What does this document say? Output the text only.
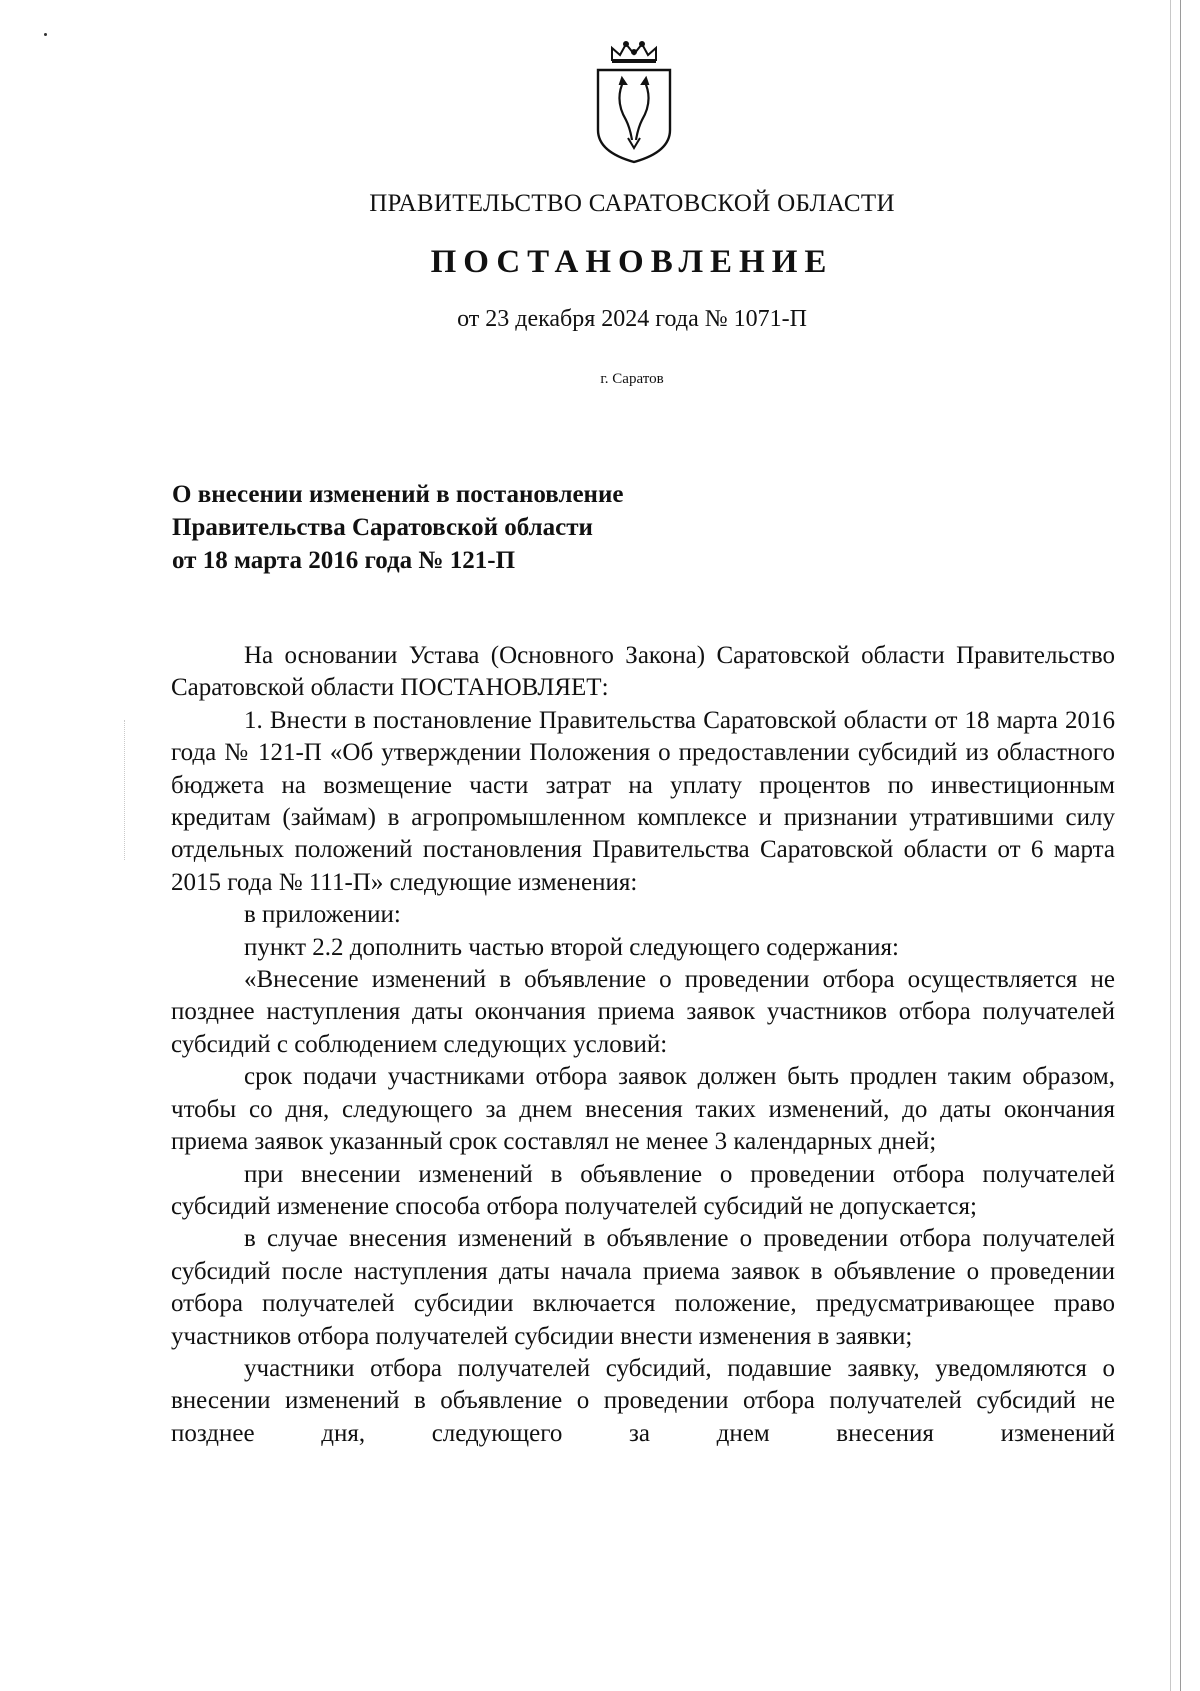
ПРАВИТЕЛЬСТВО САРАТОВСКОЙ ОБЛАСТИ
ПОСТАНОВЛЕНИЕ
от 23 декабря 2024 года № 1071-П
г. Саратов
О внесении изменений в постановление
Правительства Саратовской области
от 18 марта 2016 года № 121-П

На основании Устава (Основного Закона) Саратовской области Правительство Саратовской области ПОСТАНОВЛЯЕТ:

1. Внести в постановление Правительства Саратовской области от 18 марта 2016 года № 121-П «Об утверждении Положения о предоставлении субсидий из областного бюджета на возмещение части затрат на уплату процентов по инвестиционным кредитам (займам) в агропромышленном комплексе и признании утратившими силу отдельных положений постановления Правительства Саратовской области от 6 марта 2015 года № 111-П» следующие изменения:

в приложении:

пункт 2.2 дополнить частью второй следующего содержания:

«Внесение изменений в объявление о проведении отбора осуществляется не позднее наступления даты окончания приема заявок участников отбора получателей субсидий с соблюдением следующих условий:

срок подачи участниками отбора заявок должен быть продлен таким образом, чтобы со дня, следующего за днем внесения таких изменений, до даты окончания приема заявок указанный срок составлял не менее 3 календарных дней;

при внесении изменений в объявление о проведении отбора получателей субсидий изменение способа отбора получателей субсидий не допускается;

в случае внесения изменений в объявление о проведении отбора получателей субсидий после наступления даты начала приема заявок в объявление о проведении отбора получателей субсидии включается положение, предусматривающее право участников отбора получателей субсидии внести изменения в заявки;

участники отбора получателей субсидий, подавшие заявку, уведомляются о внесении изменений в объявление о проведении отбора получателей субсидий не позднее дня, следующего за днем внесения изменений
